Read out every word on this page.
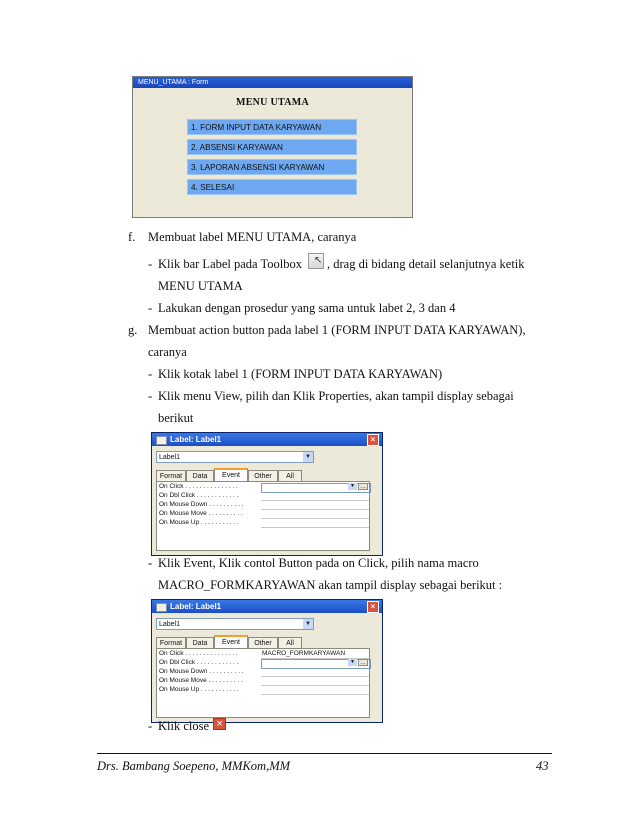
MENU_UTAMA : Form
MENU UTAMA
1. FORM INPUT DATA KARYAWAN
2. ABSENSI KARYAWAN
3. LAPORAN ABSENSI KARYAWAN
4. SELESAI
f. Membuat label MENU UTAMA, caranya
- Klik bar Label pada Toolbox ↖ , drag di bidang detail selanjutnya ketik
MENU UTAMA
- Lakukan dengan prosedur yang sama untuk labet 2, 3 dan 4
g. Membuat action button pada label 1 (FORM INPUT DATA KARYAWAN),
caranya
- Klik kotak label 1 (FORM INPUT DATA KARYAWAN)
- Klik menu View, pilih dan Klik Properties, akan tampil display sebagai
berikut
Label: Label1	×
Label1	▼
Format	Data	Event	Other	All
On Click . . . . . . . . . . . . . . .	▼ …
On Dbl Click . . . . . . . . . . . .
On Mouse Down . . . . . . . . . .
On Mouse Move . . . . . . . . . .
On Mouse Up . . . . . . . . . . .
- Klik Event, Klik contol Button pada on Click, pilih nama macro
MACRO_FORMKARYAWAN akan tampil display sebagai berikut :
Label: Label1	×
Label1	▼
Format	Data	Event	Other	All
On Click . . . . . . . . . . . . . . .	MACRO_FORMKARYAWAN
On Dbl Click . . . . . . . . . . . .	▼ …
On Mouse Down . . . . . . . . . .
On Mouse Move . . . . . . . . . .
On Mouse Up . . . . . . . . . . .
- Klik close ×
Drs. Bambang Soepeno, MMKom,MM	43
